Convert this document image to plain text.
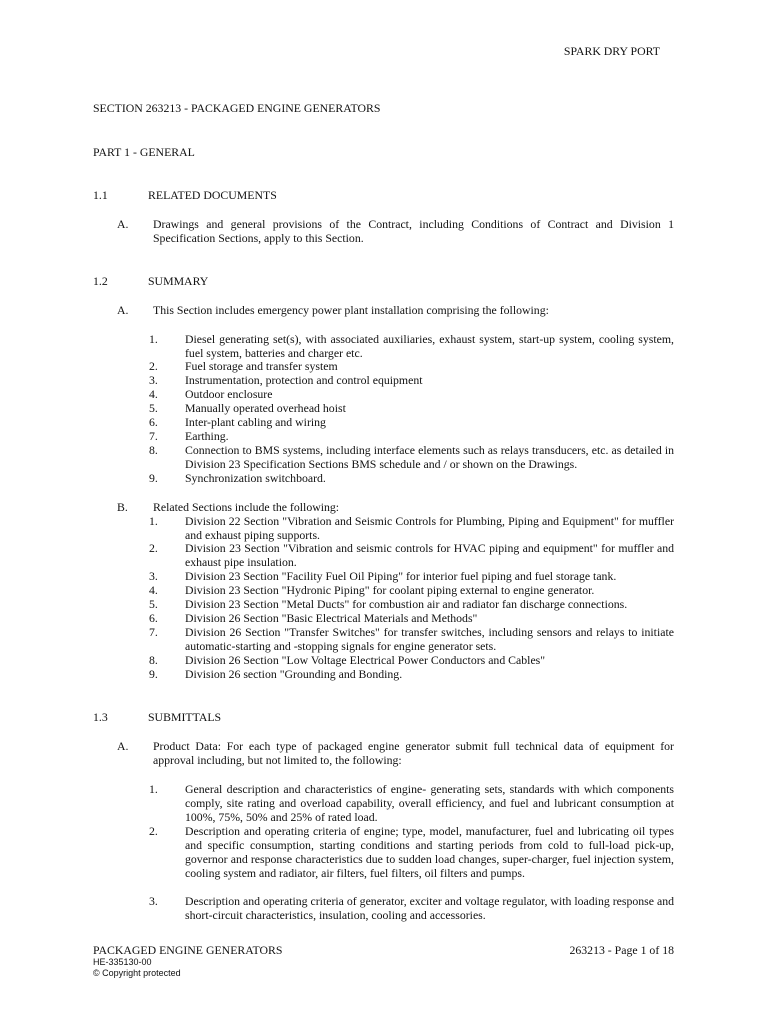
SPARK DRY PORT
SECTION 263213 - PACKAGED ENGINE GENERATORS
PART 1 - GENERAL
1.1	RELATED DOCUMENTS
A. Drawings and general provisions of the Contract, including Conditions of Contract and Division 1 Specification Sections, apply to this Section.
1.2	SUMMARY
A. This Section includes emergency power plant installation comprising the following:
1. Diesel generating set(s), with associated auxiliaries, exhaust system, start-up system, cooling system, fuel system, batteries and charger etc.
2. Fuel storage and transfer system
3. Instrumentation, protection and control equipment
4. Outdoor enclosure
5. Manually operated overhead hoist
6. Inter-plant cabling and wiring
7. Earthing.
8. Connection to BMS systems, including interface elements such as relays transducers, etc. as detailed in Division 23 Specification Sections BMS schedule and / or shown on the Drawings.
9. Synchronization switchboard.
B. Related Sections include the following:
1. Division 22 Section "Vibration and Seismic Controls for Plumbing, Piping and Equipment" for muffler and exhaust piping supports.
2. Division 23 Section "Vibration and seismic controls for HVAC piping and equipment" for muffler and exhaust pipe insulation.
3. Division 23 Section "Facility Fuel Oil Piping" for interior fuel piping and fuel storage tank.
4. Division 23 Section "Hydronic Piping" for coolant piping external to engine generator.
5. Division 23 Section "Metal Ducts" for combustion air and radiator fan discharge connections.
6. Division 26 Section "Basic Electrical Materials and Methods"
7. Division 26 Section "Transfer Switches" for transfer switches, including sensors and relays to initiate automatic-starting and -stopping signals for engine generator sets.
8. Division 26 Section "Low Voltage Electrical Power Conductors and Cables"
9. Division 26 section "Grounding and Bonding.
1.3	SUBMITTALS
A. Product Data: For each type of packaged engine generator submit full technical data of equipment for approval including, but not limited to, the following:
1. General description and characteristics of engine- generating sets, standards with which components comply, site rating and overload capability, overall efficiency, and fuel and lubricant consumption at 100%, 75%, 50% and 25% of rated load.
2. Description and operating criteria of engine; type, model, manufacturer, fuel and lubricating oil types and specific consumption, starting conditions and starting periods from cold to full-load pick-up, governor and response characteristics due to sudden load changes, super-charger, fuel injection system, cooling system and radiator, air filters, fuel filters, oil filters and pumps.
3. Description and operating criteria of generator, exciter and voltage regulator, with loading response and short-circuit characteristics, insulation, cooling and accessories.
PACKAGED ENGINE GENERATORS	263213 - Page 1 of 18
HE-335130-00
© Copyright protected
